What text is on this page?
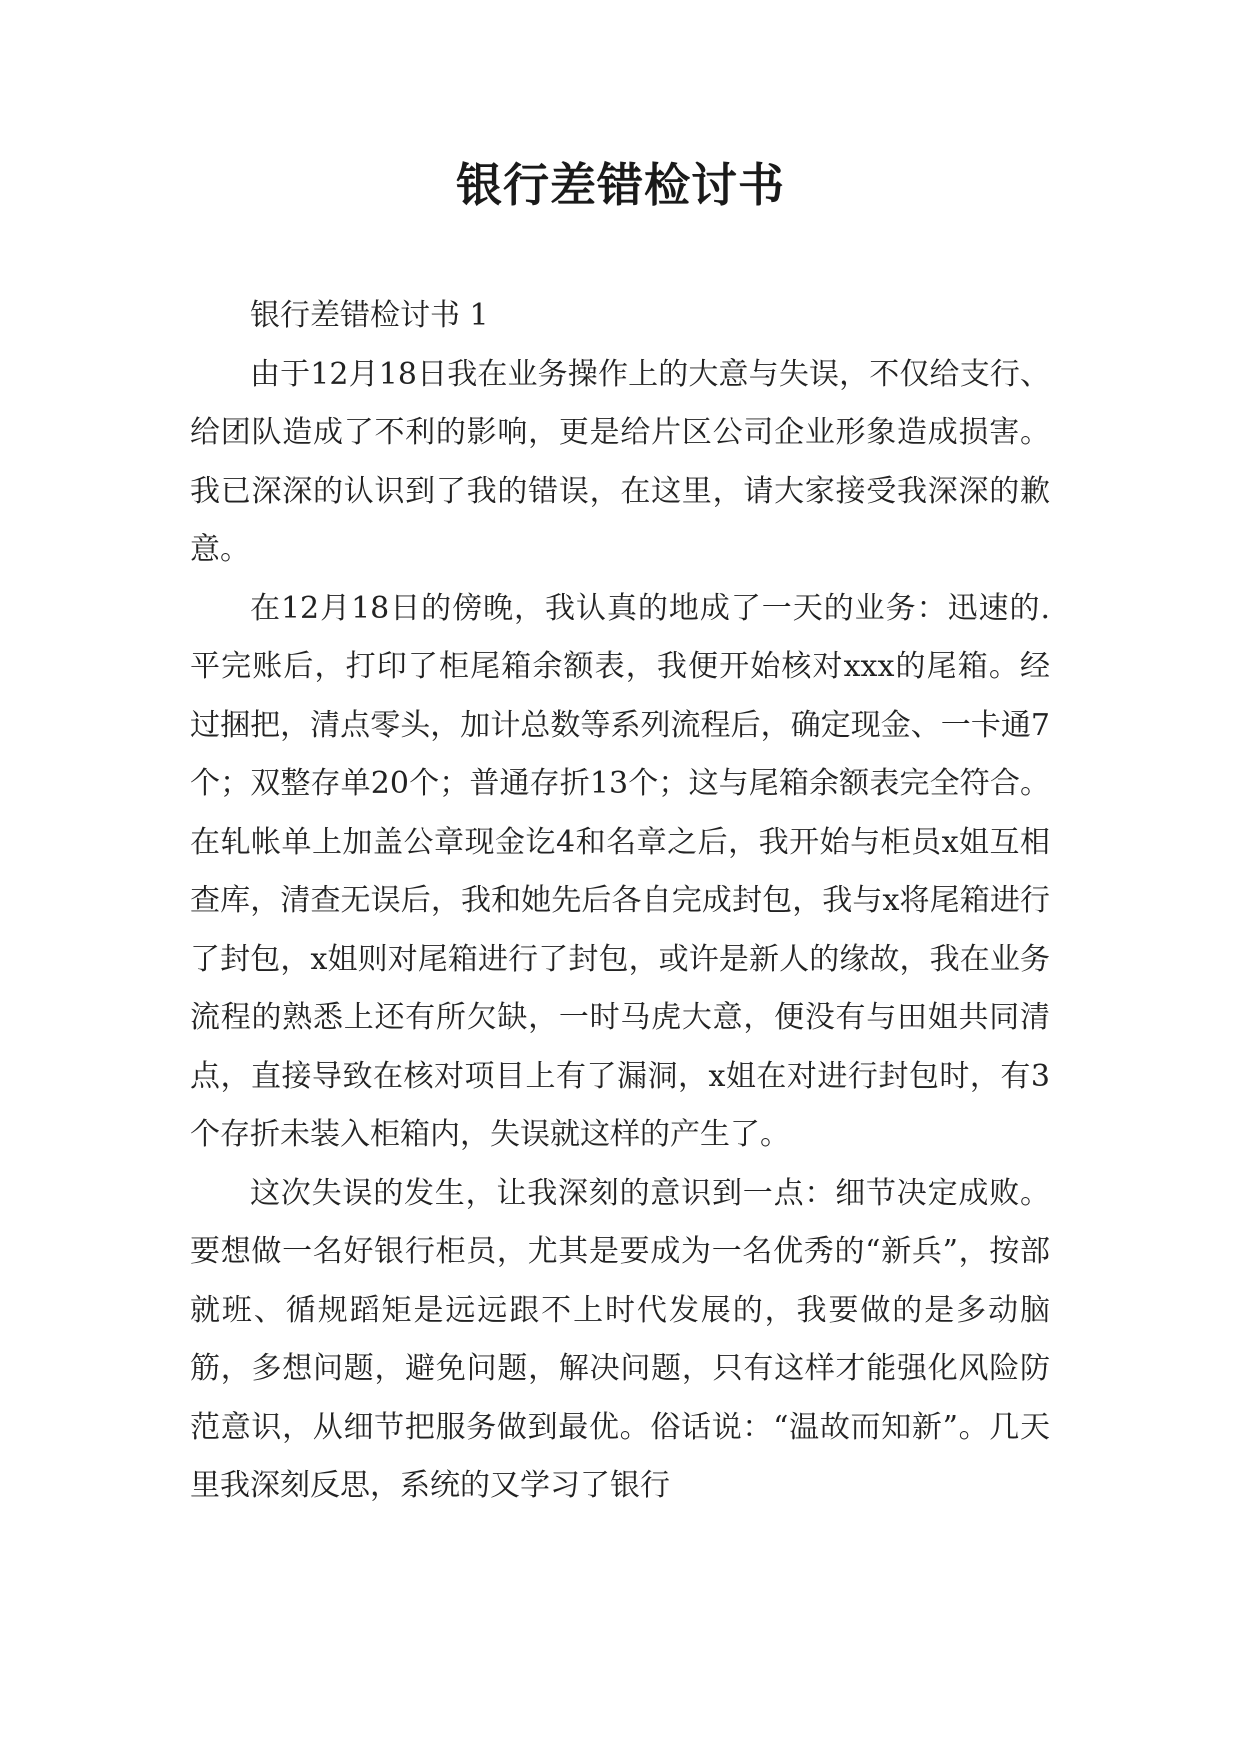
银行差错检讨书

银行差错检讨书 1

由于12月18日我在业务操作上的大意与失误，不仅给支行、给团队造成了不利的影响，更是给片区公司企业形象造成损害。我已深深的认识到了我的错误，在这里，请大家接受我深深的歉意。

在12月18日的傍晚，我认真的地成了一天的业务：迅速的.平完账后，打印了柜尾箱余额表，我便开始核对xxx的尾箱。经过捆把，清点零头，加计总数等系列流程后，确定现金、一卡通7个；双整存单20个；普通存折13个；这与尾箱余额表完全符合。在轧帐单上加盖公章现金讫4和名章之后，我开始与柜员x姐互相查库，清查无误后，我和她先后各自完成封包，我与x将尾箱进行了封包，x姐则对尾箱进行了封包，或许是新人的缘故，我在业务流程的熟悉上还有所欠缺，一时马虎大意，便没有与田姐共同清点，直接导致在核对项目上有了漏洞，x姐在对进行封包时，有3个存折未装入柜箱内，失误就这样的产生了。

这次失误的发生，让我深刻的意识到一点：细节决定成败。要想做一名好银行柜员，尤其是要成为一名优秀的“新兵”，按部就班、循规蹈矩是远远跟不上时代发展的，我要做的是多动脑筋，多想问题，避免问题，解决问题，只有这样才能强化风险防范意识，从细节把服务做到最优。俗话说：“温故而知新”。几天里我深刻反思，系统的又学习了银行
